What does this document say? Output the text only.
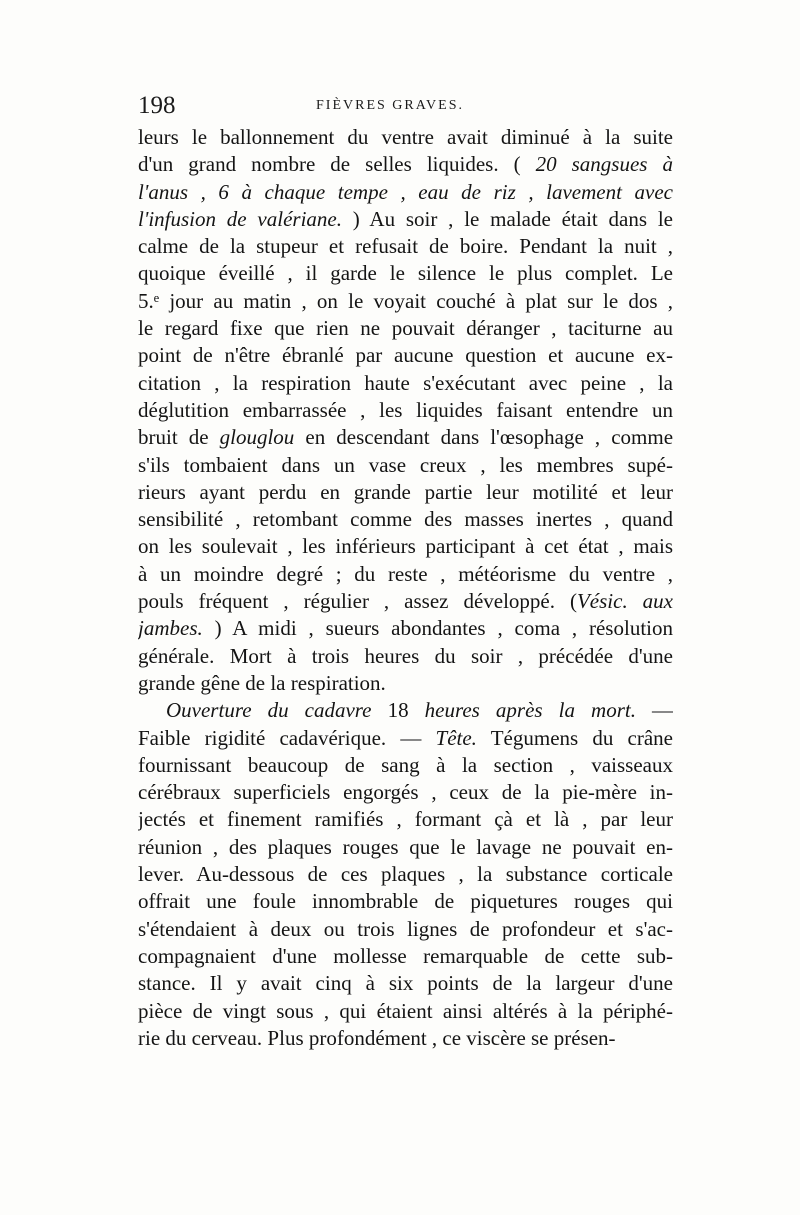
198	FIÈVRES GRAVES.
leurs le ballonnement du ventre avait diminué à la suite
d'un grand nombre de selles liquides. ( 20 sangsues à
l'anus , 6 à chaque tempe , eau de riz , lavement avec
l'infusion de valériane. ) Au soir , le malade était dans le
calme de la stupeur et refusait de boire. Pendant la nuit ,
quoique éveillé , il garde le silence le plus complet. Le
5.ᵉ jour au matin , on le voyait couché à plat sur le dos ,
le regard fixe que rien ne pouvait déranger , taciturne au
point de n'être ébranlé par aucune question et aucune ex-
citation , la respiration haute s'exécutant avec peine , la
déglutition embarrassée , les liquides faisant entendre un
bruit de glouglou en descendant dans l'œsophage , comme
s'ils tombaient dans un vase creux , les membres supé-
rieurs ayant perdu en grande partie leur motilité et leur
sensibilité , retombant comme des masses inertes , quand
on les soulevait , les inférieurs participant à cet état , mais
à un moindre degré ; du reste , météorisme du ventre ,
pouls fréquent , régulier , assez développé. (Vésic. aux
jambes. ) A midi , sueurs abondantes , coma , résolution
générale. Mort à trois heures du soir , précédée d'une
grande gêne de la respiration.
Ouverture du cadavre 18 heures après la mort. —
Faible rigidité cadavérique. — Tête. Tégumens du crâne
fournissant beaucoup de sang à la section , vaisseaux
cérébraux superficiels engorgés , ceux de la pie-mère in-
jectés et finement ramifiés , formant çà et là , par leur
réunion , des plaques rouges que le lavage ne pouvait en-
lever. Au-dessous de ces plaques , la substance corticale
offrait une foule innombrable de piquetures rouges qui
s'étendaient à deux ou trois lignes de profondeur et s'ac-
compagnaient d'une mollesse remarquable de cette sub-
stance. Il y avait cinq à six points de la largeur d'une
pièce de vingt sous , qui étaient ainsi altérés à la périphé-
rie du cerveau. Plus profondément , ce viscère se présen-
